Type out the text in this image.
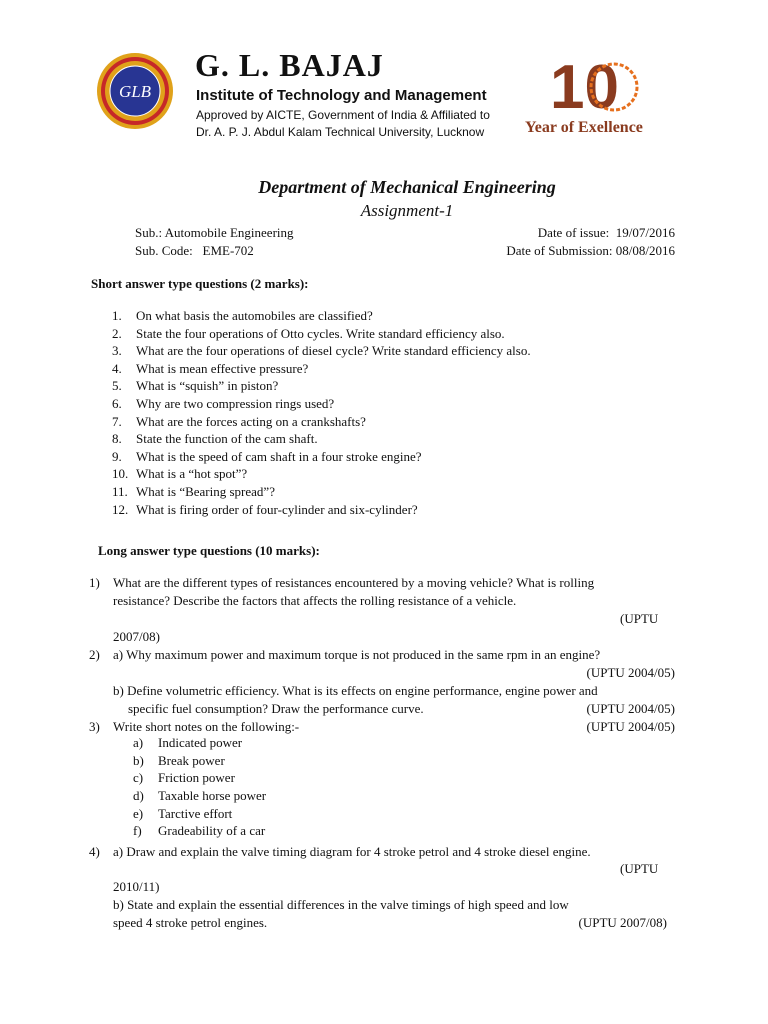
GLB
G. L. BAJAJ
Institute of Technology and Management
Approved by AICTE, Government of India & Affiliated to
Dr. A. P. J. Abdul Kalam Technical University, Lucknow
10
Year of Exellence
Department of Mechanical Engineering
Assignment-1
Sub.: Automobile Engineering
Sub. Code:   EME-702
Date of issue:  19/07/2016
Date of Submission: 08/08/2016
Short answer type questions (2 marks):
1. On what basis the automobiles are classified?
2. State the four operations of Otto cycles. Write standard efficiency also.
3. What are the four operations of diesel cycle? Write standard efficiency also.
4. What is mean effective pressure?
5. What is “squish” in piston?
6. Why are two compression rings used?
7. What are the forces acting on a crankshafts?
8. State the function of the cam shaft.
9. What is the speed of cam shaft in a four stroke engine?
10. What is a “hot spot”?
11. What is “Bearing spread”?
12. What is firing order of four-cylinder and six-cylinder?
Long answer type questions (10 marks):
1) What are the different types of resistances encountered by a moving vehicle? What is rolling
resistance? Describe the factors that affects the rolling resistance of a vehicle.
(UPTU
2007/08)
2) a) Why maximum power and maximum torque is not produced in the same rpm in an engine?
(UPTU 2004/05)
b) Define volumetric efficiency. What is its effects on engine performance, engine power and
specific fuel consumption? Draw the performance curve.	(UPTU 2004/05)
3) Write short notes on the following:-	(UPTU 2004/05)
a) Indicated power
b) Break power
c) Friction power
d) Taxable horse power
e) Tarctive effort
f) Gradeability of a car
4) a) Draw and explain the valve timing diagram for 4 stroke petrol and 4 stroke diesel engine.
(UPTU
2010/11)
b) State and explain the essential differences in the valve timings of high speed and low
speed 4 stroke petrol engines.	(UPTU 2007/08)
